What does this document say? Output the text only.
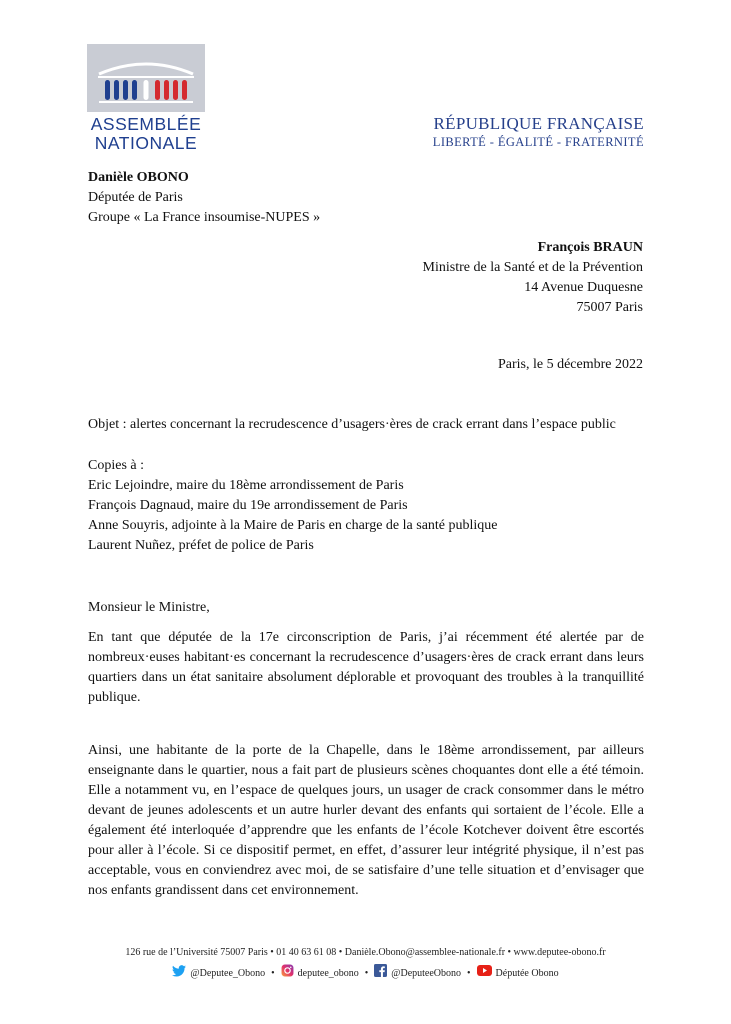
ASSEMBLÉE
NATIONALE
RÉPUBLIQUE FRANÇAISE
LIBERTÉ - ÉGALITÉ - FRATERNITÉ
Danièle OBONO
Députée de Paris
Groupe « La France insoumise-NUPES »
François BRAUN
Ministre de la Santé et de la Prévention
14 Avenue Duquesne
75007 Paris
Paris, le 5 décembre 2022
Objet : alertes concernant la recrudescence d’usagers·ères de crack errant dans l’espace public
Copies à :
Eric Lejoindre, maire du 18ème arrondissement de Paris
François Dagnaud, maire du 19e arrondissement de Paris
Anne Souyris, adjointe à la Maire de Paris en charge de la santé publique
Laurent Nuñez, préfet de police de Paris
Monsieur le Ministre,
En tant que députée de la 17e circonscription de Paris, j’ai récemment été alertée par de nombreux·euses habitant·es concernant la recrudescence d’usagers·ères de crack errant dans leurs quartiers dans un état sanitaire absolument déplorable et provoquant des troubles à la tranquillité publique.
Ainsi, une habitante de la porte de la Chapelle, dans le 18ème arrondissement, par ailleurs enseignante dans le quartier, nous a fait part de plusieurs scènes choquantes dont elle a été témoin. Elle a notamment vu, en l’espace de quelques jours, un usager de crack consommer dans le métro devant de jeunes adolescents et un autre hurler devant des enfants qui sortaient de l’école. Elle a également été interloquée d’apprendre que les enfants de l’école Kotchever doivent être escortés pour aller à l’école. Si ce dispositif permet, en effet, d’assurer leur intégrité physique, il n’est pas acceptable, vous en conviendrez avec moi, de se satisfaire d’une telle situation et d’envisager que nos enfants grandissent dans cet environnement.
126 rue de l’Université 75007 Paris • 01 40 63 61 08 • Danièle.Obono@assemblee-nationale.fr • www.deputee-obono.fr
@Deputee_Obono • deputee_obono • @DeputeeObono •	Députée Obono
